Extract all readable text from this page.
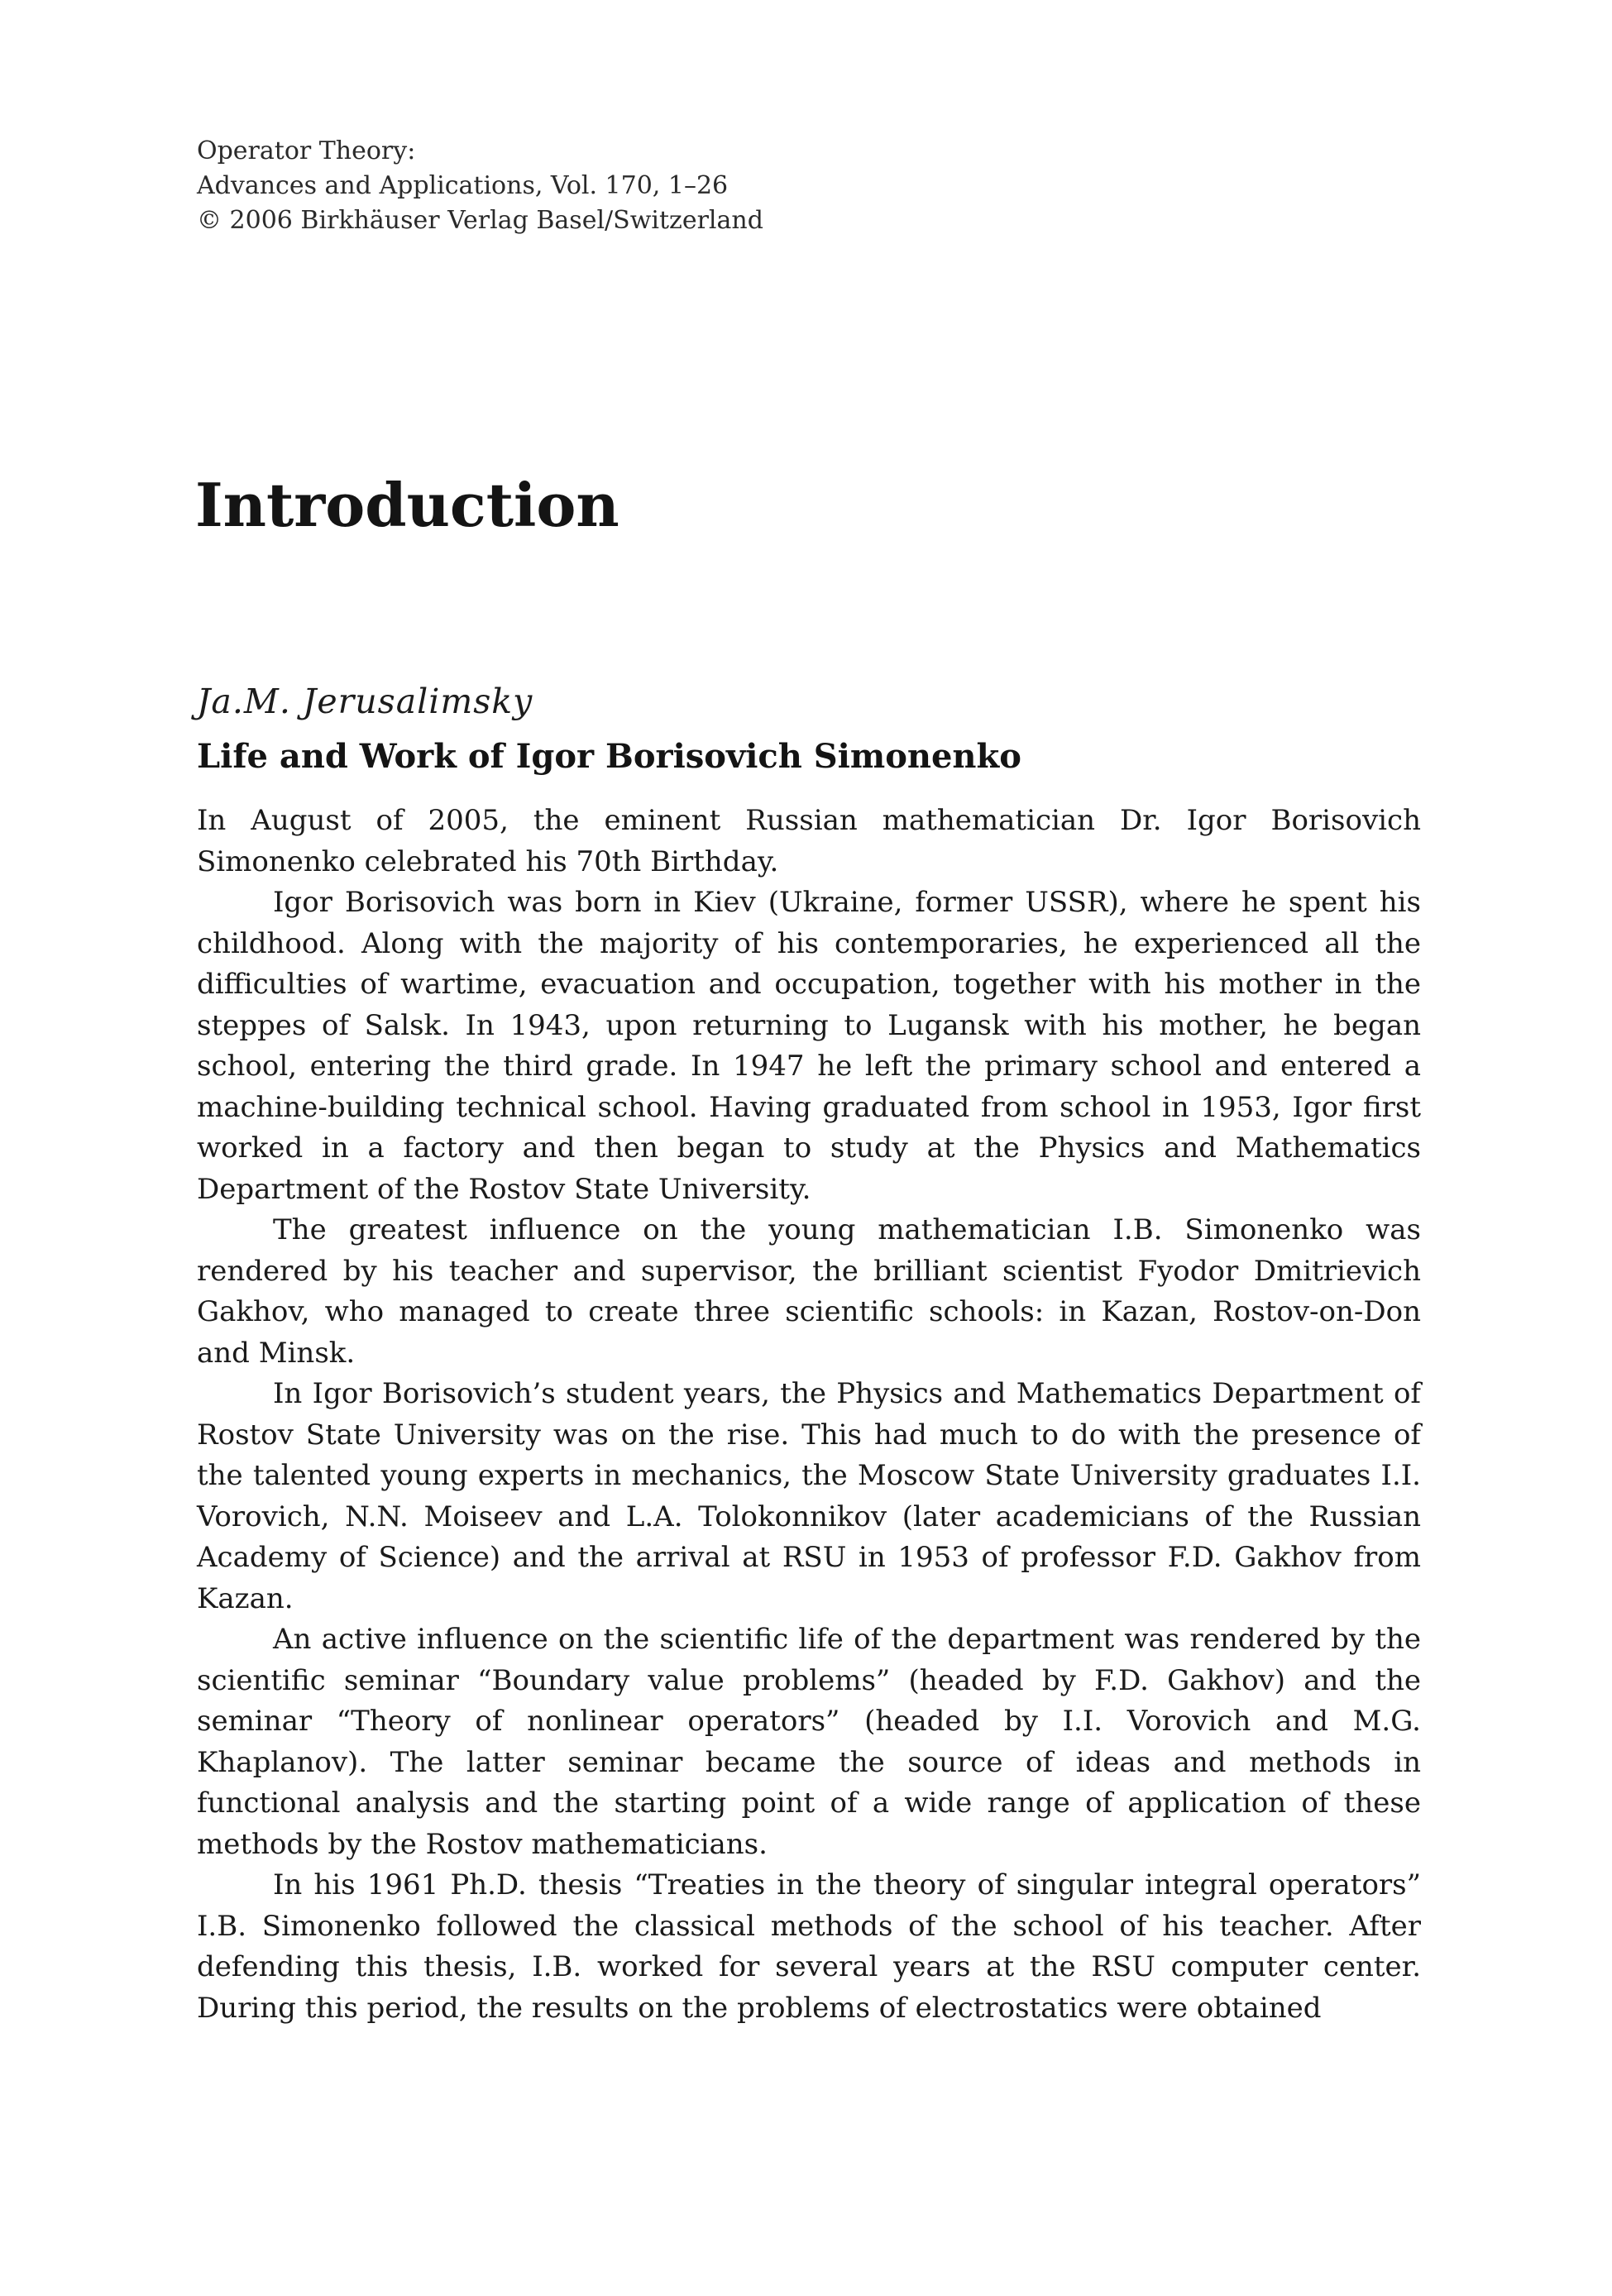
Operator Theory:
Advances and Applications, Vol. 170, 1–26
© 2006 Birkhäuser Verlag Basel/Switzerland
Introduction
Ja.M. Jerusalimsky
Life and Work of Igor Borisovich Simonenko

In August of 2005, the eminent Russian mathematician Dr. Igor Borisovich Simonenko celebrated his 70th Birthday.

Igor Borisovich was born in Kiev (Ukraine, former USSR), where he spent his childhood. Along with the majority of his contemporaries, he experienced all the difficulties of wartime, evacuation and occupation, together with his mother in the steppes of Salsk. In 1943, upon returning to Lugansk with his mother, he began school, entering the third grade. In 1947 he left the primary school and entered a machine-building technical school. Having graduated from school in 1953, Igor first worked in a factory and then began to study at the Physics and Mathematics Department of the Rostov State University.

The greatest influence on the young mathematician I.B. Simonenko was rendered by his teacher and supervisor, the brilliant scientist Fyodor Dmitrievich Gakhov, who managed to create three scientific schools: in Kazan, Rostov-on-Don and Minsk.

In Igor Borisovich’s student years, the Physics and Mathematics Department of Rostov State University was on the rise. This had much to do with the presence of the talented young experts in mechanics, the Moscow State University graduates I.I. Vorovich, N.N. Moiseev and L.A. Tolokonnikov (later academicians of the Russian Academy of Science) and the arrival at RSU in 1953 of professor F.D. Gakhov from Kazan.

An active influence on the scientific life of the department was rendered by the scientific seminar “Boundary value problems” (headed by F.D. Gakhov) and the seminar “Theory of nonlinear operators” (headed by I.I. Vorovich and M.G. Khaplanov). The latter seminar became the source of ideas and methods in functional analysis and the starting point of a wide range of application of these methods by the Rostov mathematicians.

In his 1961 Ph.D. thesis “Treaties in the theory of singular integral operators” I.B. Simonenko followed the classical methods of the school of his teacher. After defending this thesis, I.B. worked for several years at the RSU computer center. During this period, the results on the problems of electrostatics were obtained
